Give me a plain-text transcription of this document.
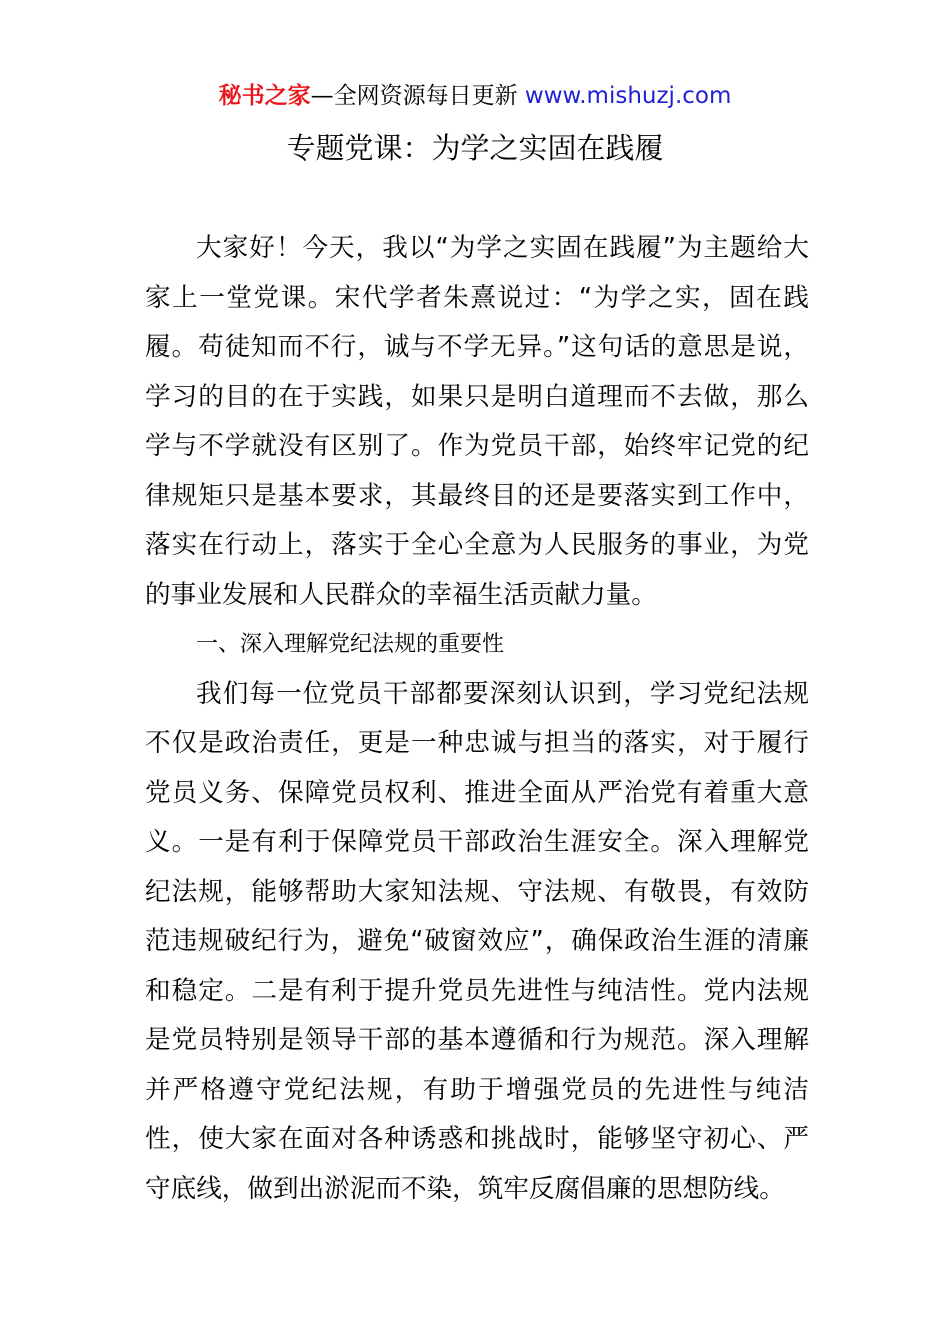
秘书之家—全网资源每日更新 www.mishuzj.com
专题党课：为学之实固在践履

大家好！今天，我以“为学之实固在践履”为主题给大家上一堂党课。宋代学者朱熹说过：“为学之实，固在践履。苟徒知而不行，诚与不学无异。”这句话的意思是说，学习的目的在于实践，如果只是明白道理而不去做，那么学与不学就没有区别了。作为党员干部，始终牢记党的纪律规矩只是基本要求，其最终目的还是要落实到工作中，落实在行动上，落实于全心全意为人民服务的事业，为党的事业发展和人民群众的幸福生活贡献力量。

一、深入理解党纪法规的重要性

我们每一位党员干部都要深刻认识到，学习党纪法规不仅是政治责任，更是一种忠诚与担当的落实，对于履行党员义务、保障党员权利、推进全面从严治党有着重大意义。一是有利于保障党员干部政治生涯安全。深入理解党纪法规，能够帮助大家知法规、守法规、有敬畏，有效防范违规破纪行为，避免“破窗效应”，确保政治生涯的清廉和稳定。二是有利于提升党员先进性与纯洁性。党内法规是党员特别是领导干部的基本遵循和行为规范。深入理解并严格遵守党纪法规，有助于增强党员的先进性与纯洁性，使大家在面对各种诱惑和挑战时，能够坚守初心、严守底线，做到出淤泥而不染，筑牢反腐倡廉的思想防线。
